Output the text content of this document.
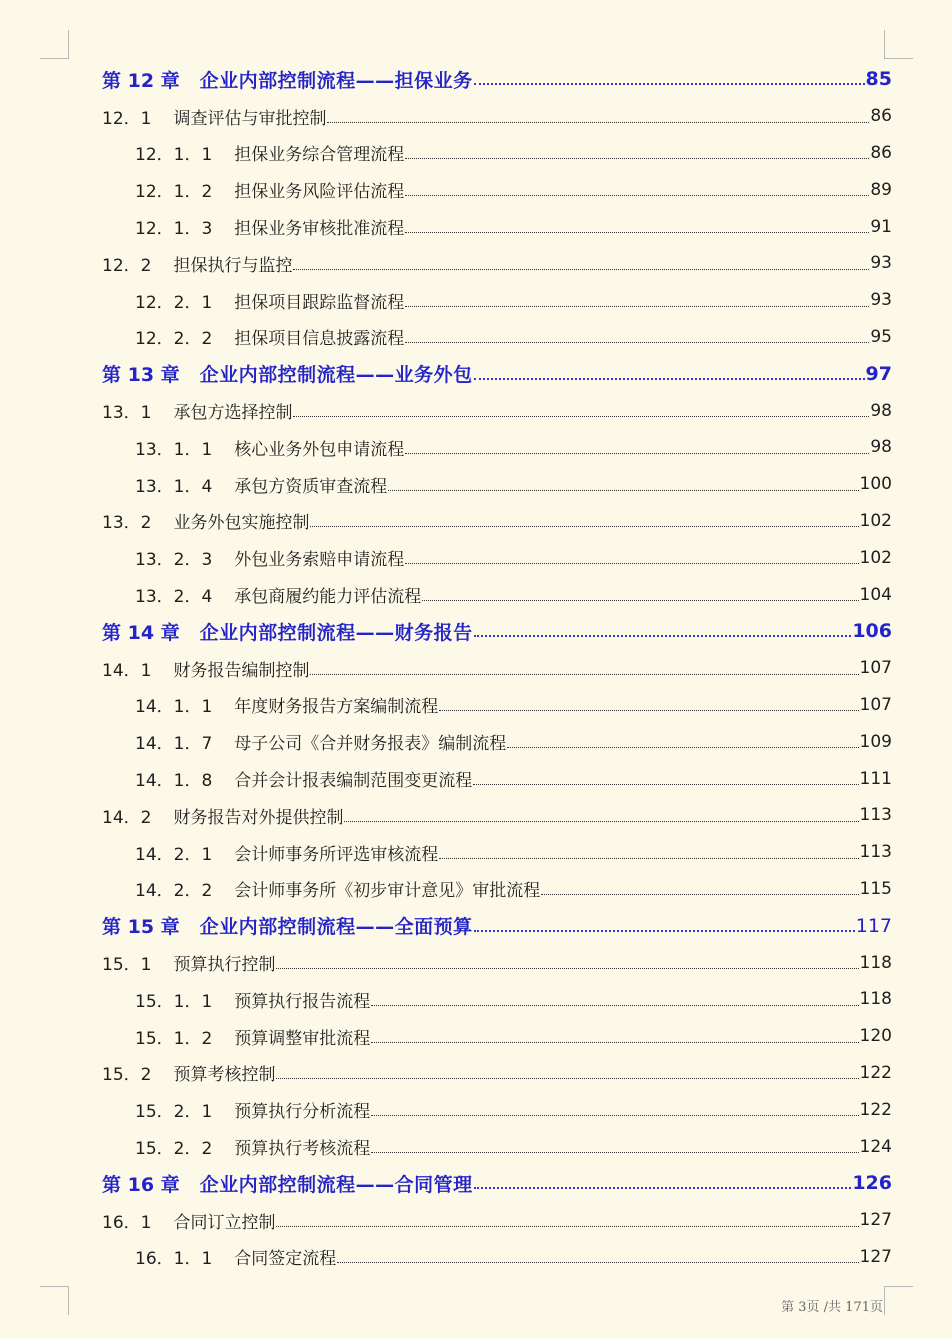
第 12 章 企业内部控制流程——担保业务	85
12．1 调查评估与审批控制	86
12．1．1 担保业务综合管理流程	86
12．1．2 担保业务风险评估流程	89
12．1．3 担保业务审核批准流程	91
12．2 担保执行与监控	93
12．2．1 担保项目跟踪监督流程	93
12．2．2 担保项目信息披露流程	95
第 13 章 企业内部控制流程——业务外包	97
13．1 承包方选择控制	98
13．1．1 核心业务外包申请流程	98
13．1．4 承包方资质审查流程	100
13．2 业务外包实施控制	102
13．2．3 外包业务索赔申请流程	102
13．2．4 承包商履约能力评估流程	104
第 14 章 企业内部控制流程——财务报告	106
14．1 财务报告编制控制	107
14．1．1 年度财务报告方案编制流程	107
14．1．7 母子公司《合并财务报表》编制流程	109
14．1．8 合并会计报表编制范围变更流程	111
14．2 财务报告对外提供控制	113
14．2．1 会计师事务所评选审核流程	113
14．2．2 会计师事务所《初步审计意见》审批流程	115
第 15 章 企业内部控制流程——全面预算	117
15．1 预算执行控制	118
15．1．1 预算执行报告流程	118
15．1．2 预算调整审批流程	120
15．2 预算考核控制	122
15．2．1 预算执行分析流程	122
15．2．2 预算执行考核流程	124
第 16 章 企业内部控制流程——合同管理	126
16．1 合同订立控制	127
16．1．1 合同签定流程	127
第 3页 /共 171页
